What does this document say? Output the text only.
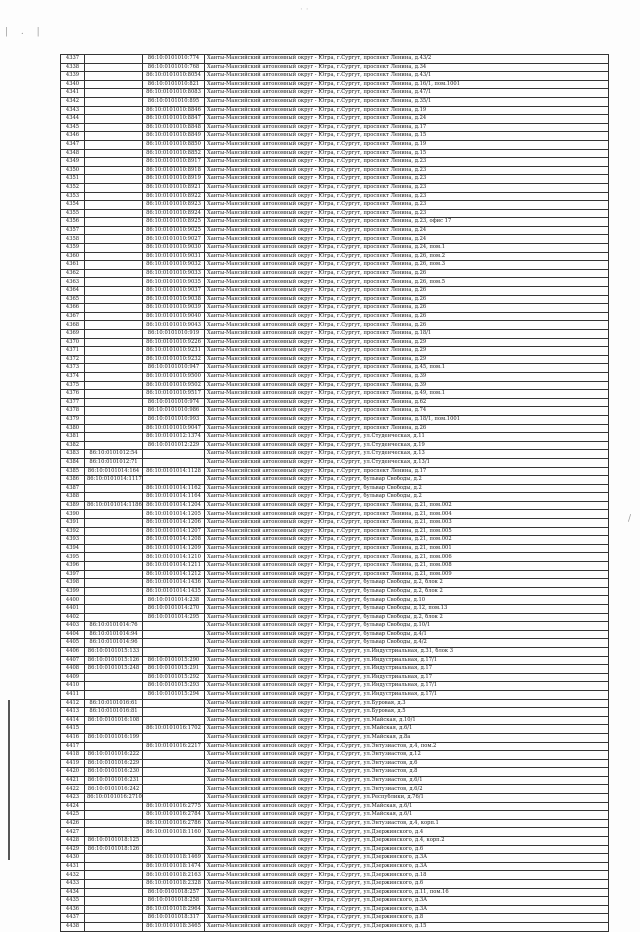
| . |
· ·
/
4337		86:10:0101010:774	Ханты-Мансийский автономный округ - Югра, г.Сургут, проспект Ленина, д.43/2
4338		86:10:0101010:768	Ханты-Мансийский автономный округ - Югра, г.Сургут, проспект Ленина, д.34
4339		86:10:0101010:8054	Ханты-Мансийский автономный округ - Югра, г.Сургут, проспект Ленина, д.43/1
4340		86:10:0101010:821	Ханты-Мансийский автономный округ - Югра, г.Сургут, проспект Ленина, д.16/1, пом.1001
4341		86:10:0101010:8083	Ханты-Мансийский автономный округ - Югра, г.Сургут, проспект Ленина, д.47/1
4342		86:10:0101010:895	Ханты-Мансийский автономный округ - Югра, г.Сургут, проспект Ленина, д.35/1
4343		86:10:0101010:8846	Ханты-Мансийский автономный округ - Югра, г.Сургут, проспект Ленина, д.19
4344		86:10:0101010:8847	Ханты-Мансийский автономный округ - Югра, г.Сургут, проспект Ленина, д.24
4345		86:10:0101010:8848	Ханты-Мансийский автономный округ - Югра, г.Сургут, проспект Ленина, д.17
4346		86:10:0101010:8849	Ханты-Мансийский автономный округ - Югра, г.Сургут, проспект Ленина, д.15
4347		86:10:0101010:8850	Ханты-Мансийский автономный округ - Югра, г.Сургут, проспект Ленина, д.19
4348		86:10:0101010:8852	Ханты-Мансийский автономный округ - Югра, г.Сургут, проспект Ленина, д.15
4349		86:10:0101010:8917	Ханты-Мансийский автономный округ - Югра, г.Сургут, проспект Ленина, д.23
4350		86:10:0101010:8918	Ханты-Мансийский автономный округ - Югра, г.Сургут, проспект Ленина, д.23
4351		86:10:0101010:8919	Ханты-Мансийский автономный округ - Югра, г.Сургут, проспект Ленина, д.23
4352		86:10:0101010:8921	Ханты-Мансийский автономный округ - Югра, г.Сургут, проспект Ленина, д.23
4353		86:10:0101010:8922	Ханты-Мансийский автономный округ - Югра, г.Сургут, проспект Ленина, д.23
4354		86:10:0101010:8923	Ханты-Мансийский автономный округ - Югра, г.Сургут, проспект Ленина, д.23
4355		86:10:0101010:8924	Ханты-Мансийский автономный округ - Югра, г.Сургут, проспект Ленина, д.23
4356		86:10:0101010:8925	Ханты-Мансийский автономный округ - Югра, г.Сургут, проспект Ленина, д.23, офис 17
4357		86:10:0101010:9025	Ханты-Мансийский автономный округ - Югра, г.Сургут, проспект Ленина, д.24
4358		86:10:0101010:9027	Ханты-Мансийский автономный округ - Югра, г.Сургут, проспект Ленина, д.24
4359		86:10:0101010:9030	Ханты-Мансийский автономный округ - Югра, г.Сургут, проспект Ленина, д.24, пом.1
4360		86:10:0101010:9031	Ханты-Мансийский автономный округ - Югра, г.Сургут, проспект Ленина, д.26, пом.2
4361		86:10:0101010:9032	Ханты-Мансийский автономный округ - Югра, г.Сургут, проспект Ленина, д.26, пом.3
4362		86:10:0101010:9033	Ханты-Мансийский автономный округ - Югра, г.Сургут, проспект Ленина, д.26
4363		86:10:0101010:9035	Ханты-Мансийский автономный округ - Югра, г.Сургут, проспект Ленина, д.26, пом.5
4364		86:10:0101010:9037	Ханты-Мансийский автономный округ - Югра, г.Сургут, проспект Ленина, д.26
4365		86:10:0101010:9038	Ханты-Мансийский автономный округ - Югра, г.Сургут, проспект Ленина, д.26
4366		86:10:0101010:9039	Ханты-Мансийский автономный округ - Югра, г.Сургут, проспект Ленина, д.26
4367		86:10:0101010:9040	Ханты-Мансийский автономный округ - Югра, г.Сургут, проспект Ленина, д.26
4368		86:10:0101010:9043	Ханты-Мансийский автономный округ - Югра, г.Сургут, проспект Ленина, д.26
4369		86:10:0101010:919	Ханты-Мансийский автономный округ - Югра, г.Сургут, проспект Ленина, д.18/1
4370		86:10:0101010:9226	Ханты-Мансийский автономный округ - Югра, г.Сургут, проспект Ленина, д.29
4371		86:10:0101010:9231	Ханты-Мансийский автономный округ - Югра, г.Сургут, проспект Ленина, д.29
4372		86:10:0101010:9232	Ханты-Мансийский автономный округ - Югра, г.Сургут, проспект Ленина, д.29
4373		86:10:0101010:947	Ханты-Мансийский автономный округ - Югра, г.Сургут, проспект Ленина, д.45, пом.1
4374		86:10:0101010:9500	Ханты-Мансийский автономный округ - Югра, г.Сургут, проспект Ленина, д.39
4375		86:10:0101010:9502	Ханты-Мансийский автономный округ - Югра, г.Сургут, проспект Ленина, д.39
4376		86:10:0101010:9517	Ханты-Мансийский автономный округ - Югра, г.Сургут, проспект Ленина, д.49, пом.1
4377		86:10:0101010:974	Ханты-Мансийский автономный округ - Югра, г.Сургут, проспект Ленина, д.62
4378		86:10:0101010:986	Ханты-Мансийский автономный округ - Югра, г.Сургут, проспект Ленина, д.74
4379		86:10:0101010:993	Ханты-Мансийский автономный округ - Югра, г.Сургут, проспект Ленина, д.18/1, пом.1001
4380		86:10:0101010:9047	Ханты-Мансийский автономный округ - Югра, г.Сургут, проспект Ленина, д.26
4381		86:10:0101012:1374	Ханты-Мансийский автономный округ - Югра, г.Сургут, ул.Студенческая, д.11
4382		86:10:0101012:229	Ханты-Мансийский автономный округ - Югра, г.Сургут, ул.Студенческая, д.19
4383	86:10:0101012:54		Ханты-Мансийский автономный округ - Югра, г.Сургут, ул.Студенческая, д.13
4384	86:10:0101012:71		Ханты-Мансийский автономный округ - Югра, г.Сургут, ул.Студенческая, д.13/1
4385	86:10:0101014:164	86:10:0101014:1128	Ханты-Мансийский автономный округ - Югра, г.Сургут, проспект Ленина, д.17
4386	86:10:0101014:1117		Ханты-Мансийский автономный округ - Югра, г.Сургут, бульвар Свободы, д.2
4387		86:10:0101014:1162	Ханты-Мансийский автономный округ - Югра, г.Сургут, бульвар Свободы, д.2
4388		86:10:0101014:1164	Ханты-Мансийский автономный округ - Югра, г.Сургут, бульвар Свободы, д.2
4389	86:10:0101014:1186	86:10:0101014:1204	Ханты-Мансийский автономный округ - Югра, г.Сургут, проспект Ленина, д.21, пом.002
4390		86:10:0101014:1205	Ханты-Мансийский автономный округ - Югра, г.Сургут, проспект Ленина, д.21, пом.004
4391		86:10:0101014:1206	Ханты-Мансийский автономный округ - Югра, г.Сургут, проспект Ленина, д.21, пом.003
4392		86:10:0101014:1207	Ханты-Мансийский автономный округ - Югра, г.Сургут, проспект Ленина, д.21, пом.005
4393		86:10:0101014:1208	Ханты-Мансийский автономный округ - Югра, г.Сургут, проспект Ленина, д.21, пом.002
4394		86:10:0101014:1209	Ханты-Мансийский автономный округ - Югра, г.Сургут, проспект Ленина, д.21, пом.001
4395		86:10:0101014:1210	Ханты-Мансийский автономный округ - Югра, г.Сургут, проспект Ленина, д.21, пом.006
4396		86:10:0101014:1211	Ханты-Мансийский автономный округ - Югра, г.Сургут, проспект Ленина, д.21, пом.008
4397		86:10:0101014:1212	Ханты-Мансийский автономный округ - Югра, г.Сургут, проспект Ленина, д.21, пом.009
4398		86:10:0101014:1436	Ханты-Мансийский автономный округ - Югра, г.Сургут, бульвар Свободы, д.2, блок 2
4399		86:10:0101014:1435	Ханты-Мансийский автономный округ - Югра, г.Сургут, бульвар Свободы, д.2, блок 2
4400		86:10:0101014:238	Ханты-Мансийский автономный округ - Югра, г.Сургут, бульвар Свободы, д.10
4401		86:10:0101014:270	Ханты-Мансийский автономный округ - Югра, г.Сургут, бульвар Свободы, д.12, пом.13
4402		86:10:0101014:295	Ханты-Мансийский автономный округ - Югра, г.Сургут, бульвар Свободы, д.2, блок 2
4403	86:10:0101014:76		Ханты-Мансийский автономный округ - Югра, г.Сургут, бульвар Свободы, д.10/1
4404	86:10:0101014:94		Ханты-Мансийский автономный округ - Югра, г.Сургут, бульвар Свободы, д.4/1
4405	86:10:0101014:96		Ханты-Мансийский автономный округ - Югра, г.Сургут, бульвар Свободы, д.4/2
4406	86:10:0101015:133		Ханты-Мансийский автономный округ - Югра, г.Сургут, ул.Индустриальная, д.31, блок 3
4407	86:10:0101015:126	86:10:0101015:290	Ханты-Мансийский автономный округ - Югра, г.Сургут, ул.Индустриальная, д.17/1
4408	86:10:0101015:248	86:10:0101015:291	Ханты-Мансийский автономный округ - Югра, г.Сургут, ул.Индустриальная, д.17
4409		86:10:0101015:292	Ханты-Мансийский автономный округ - Югра, г.Сургут, ул.Индустриальная, д.17
4410		86:10:0101015:293	Ханты-Мансийский автономный округ - Югра, г.Сургут, ул.Индустриальная, д.17/1
4411		86:10:0101015:294	Ханты-Мансийский автономный округ - Югра, г.Сургут, ул.Индустриальная, д.17/1
4412	86:10:0101016:61		Ханты-Мансийский автономный округ - Югра, г.Сургут, ул.Буровая, д.3
4413	86:10:0101016:81		Ханты-Мансийский автономный округ - Югра, г.Сургут, ул.Буровая, д.5
4414	86:10:0101016:108		Ханты-Мансийский автономный округ - Югра, г.Сургут, ул.Майская, д.10/1
4415		86:10:0101016:1702	Ханты-Мансийский автономный округ - Югра, г.Сургут, ул.Майская, д.6/1
4416	86:10:0101016:199		Ханты-Мансийский автономный округ - Югра, г.Сургут, ул.Майская, д.8а
4417		86:10:0101016:2217	Ханты-Мансийский автономный округ - Югра, г.Сургут, ул.Энтузиастов, д.4, пом.2
4418	86:10:0101016:222		Ханты-Мансийский автономный округ - Югра, г.Сургут, ул.Энтузиастов, д.12
4419	86:10:0101016:229		Ханты-Мансийский автономный округ - Югра, г.Сургут, ул.Энтузиастов, д.6
4420	86:10:0101016:230		Ханты-Мансийский автономный округ - Югра, г.Сургут, ул.Энтузиастов, д.8
4421	86:10:0101016:231		Ханты-Мансийский автономный округ - Югра, г.Сургут, ул.Энтузиастов, д.6/1
4422	86:10:0101016:242		Ханты-Мансийский автономный округ - Югра, г.Сургут, ул.Энтузиастов, д.6/2
4423	86:10:0101016:2710		Ханты-Мансийский автономный округ - Югра, г.Сургут, ул.Республики, д.76/1
4424		86:10:0101016:2775	Ханты-Мансийский автономный округ - Югра, г.Сургут, ул.Майская, д.6/1
4425		86:10:0101016:2784	Ханты-Мансийский автономный округ - Югра, г.Сургут, ул.Майская, д.6/1
4426		86:10:0101016:2786	Ханты-Мансийский автономный округ - Югра, г.Сургут, ул.Энтузиастов, д.4, корп.1
4427		86:10:0101018:1160	Ханты-Мансийский автономный округ - Югра, г.Сургут, ул.Дзержинского, д.4
4428	86:10:0101018:125		Ханты-Мансийский автономный округ - Югра, г.Сургут, ул.Дзержинского, д.4, корп.2
4429	86:10:0101018:126		Ханты-Мансийский автономный округ - Югра, г.Сургут, ул.Дзержинского, д.6
4430		86:10:0101018:1469	Ханты-Мансийский автономный округ - Югра, г.Сургут, ул.Дзержинского, д.3А
4431		86:10:0101018:1474	Ханты-Мансийский автономный округ - Югра, г.Сургут, ул.Дзержинского, д.3А
4432		86:10:0101018:2163	Ханты-Мансийский автономный округ - Югра, г.Сургут, ул.Дзержинского, д.18
4433		86:10:0101018:2328	Ханты-Мансийский автономный округ - Югра, г.Сургут, ул.Дзержинского, д.6
4434		86:10:0101018:257	Ханты-Мансийский автономный округ - Югра, г.Сургут, ул.Дзержинского, д.11, пом.16
4435		86:10:0101018:258	Ханты-Мансийский автономный округ - Югра, г.Сургут, ул.Дзержинского, д.3А
4436		86:10:0101018:2964	Ханты-Мансийский автономный округ - Югра, г.Сургут, ул.Дзержинского, д.3А
4437		86:10:0101018:317	Ханты-Мансийский автономный округ - Югра, г.Сургут, ул.Дзержинского, д.8
4438		86:10:0101018:3465	Ханты-Мансийский автономный округ - Югра, г.Сургут, ул.Дзержинского, д.15
